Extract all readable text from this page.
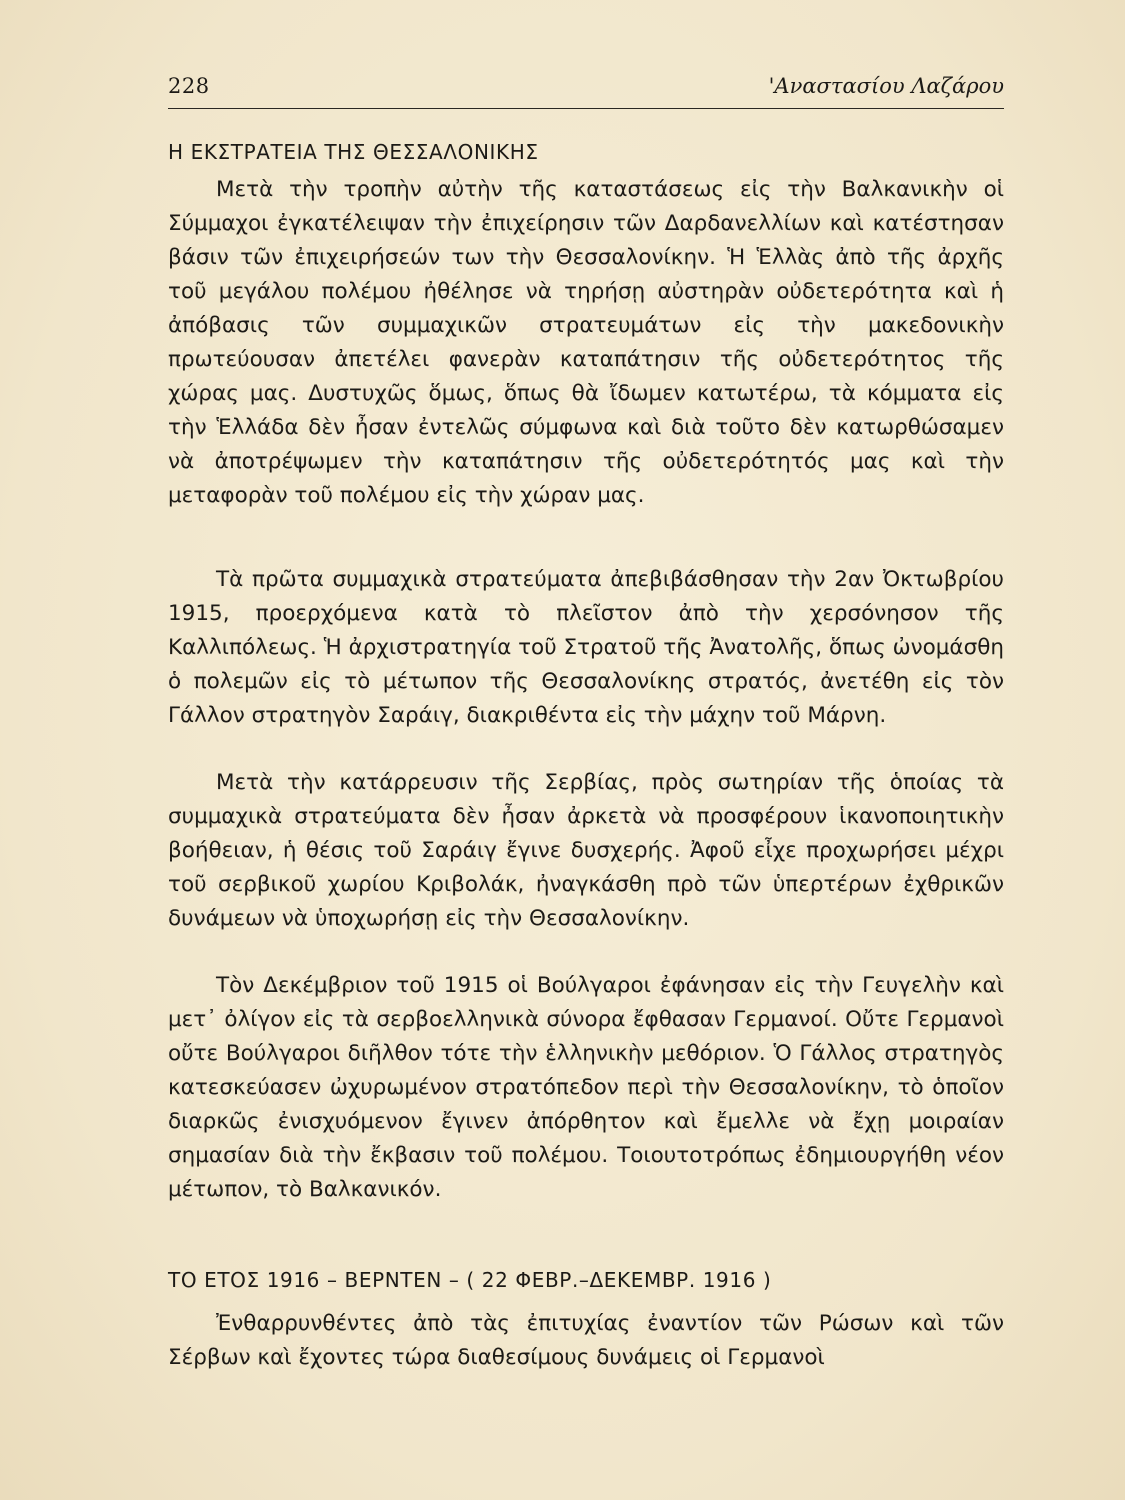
228	'Αναστασίου Λαζάρου
Η ΕΚΣΤΡΑΤΕΙΑ ΤΗΣ ΘΕΣΣΑΛΟΝΙΚΗΣ

Μετὰ τὴν τροπὴν αὐτὴν τῆς καταστάσεως εἰς τὴν Βαλκανικὴν οἱ Σύμμαχοι ἐγκατέλειψαν τὴν ἐπιχείρησιν τῶν Δαρδανελλίων καὶ κατέστησαν βάσιν τῶν ἐπιχειρήσεών των τὴν Θεσσαλονίκην. Ἡ Ἑλλὰς ἀπὸ τῆς ἀρχῆς τοῦ μεγάλου πολέμου ἠθέλησε νὰ τηρήσῃ αὐστηρὰν οὐδετερότητα καὶ ἡ ἀπόβασις τῶν συμμαχικῶν στρατευμάτων εἰς τὴν μακεδονικὴν πρωτεύουσαν ἀπετέλει φανερὰν καταπάτησιν τῆς οὐδετερότητος τῆς χώρας μας. Δυστυχῶς ὅμως, ὅπως θὰ ἴδωμεν κατωτέρω, τὰ κόμματα εἰς τὴν Ἑλλάδα δὲν ἦσαν ἐντελῶς σύμφωνα καὶ διὰ τοῦτο δὲν κατωρθώσαμεν νὰ ἀποτρέψωμεν τὴν καταπάτησιν τῆς οὐδετερότητός μας καὶ τὴν μεταφορὰν τοῦ πολέμου εἰς τὴν χώραν μας.

Τὰ πρῶτα συμμαχικὰ στρατεύματα ἀπεβιβάσθησαν τὴν 2αν Ὀκτωβρίου 1915, προερχόμενα κατὰ τὸ πλεῖστον ἀπὸ τὴν χερσόνησον τῆς Καλλιπόλεως. Ἡ ἀρχιστρατηγία τοῦ Στρατοῦ τῆς Ἀνατολῆς, ὅπως ὠνομάσθη ὁ πολεμῶν εἰς τὸ μέτωπον τῆς Θεσσαλονίκης στρατός, ἀνετέθη εἰς τὸν Γάλλον στρατηγὸν Σαράιγ, διακριθέντα εἰς τὴν μάχην τοῦ Μάρνη.

Μετὰ τὴν κατάρρευσιν τῆς Σερβίας, πρὸς σωτηρίαν τῆς ὁποίας τὰ συμμαχικὰ στρατεύματα δὲν ἦσαν ἀρκετὰ νὰ προσφέρουν ἱκανοποιητικὴν βοήθειαν, ἡ θέσις τοῦ Σαράιγ ἔγινε δυσχερής. Ἀφοῦ εἶχε προχωρήσει μέχρι τοῦ σερβικοῦ χωρίου Κριβολάκ, ἠναγκάσθη πρὸ τῶν ὑπερτέρων ἐχθρικῶν δυνάμεων νὰ ὑποχωρήσῃ εἰς τὴν Θεσσαλονίκην.

Τὸν Δεκέμβριον τοῦ 1915 οἱ Βούλγαροι ἐφάνησαν εἰς τὴν Γευγελὴν καὶ μετ᾽ ὀλίγον εἰς τὰ σερβοελληνικὰ σύνορα ἔφθασαν Γερμανοί. Οὔτε Γερμανοὶ οὔτε Βούλγαροι διῆλθον τότε τὴν ἑλληνικὴν μεθόριον. Ὁ Γάλλος στρατηγὸς κατεσκεύασεν ὠχυρωμένον στρατόπεδον περὶ τὴν Θεσσαλονίκην, τὸ ὁποῖον διαρκῶς ἐνισχυόμενον ἔγινεν ἀπόρθητον καὶ ἔμελλε νὰ ἔχῃ μοιραίαν σημασίαν διὰ τὴν ἔκβασιν τοῦ πολέμου. Τοιουτοτρόπως ἐδημιουργήθη νέον μέτωπον, τὸ Βαλκανικόν.

ΤΟ ΕΤΟΣ 1916 – ΒΕΡΝΤΕΝ – ( 22 ΦΕΒΡ.–ΔΕΚΕΜΒΡ. 1916 )

Ἐνθαρρυνθέντες ἀπὸ τὰς ἐπιτυχίας ἐναντίον τῶν Ρώσων καὶ τῶν Σέρβων καὶ ἔχοντες τώρα διαθεσίμους δυνάμεις οἱ Γερμανοὶ
